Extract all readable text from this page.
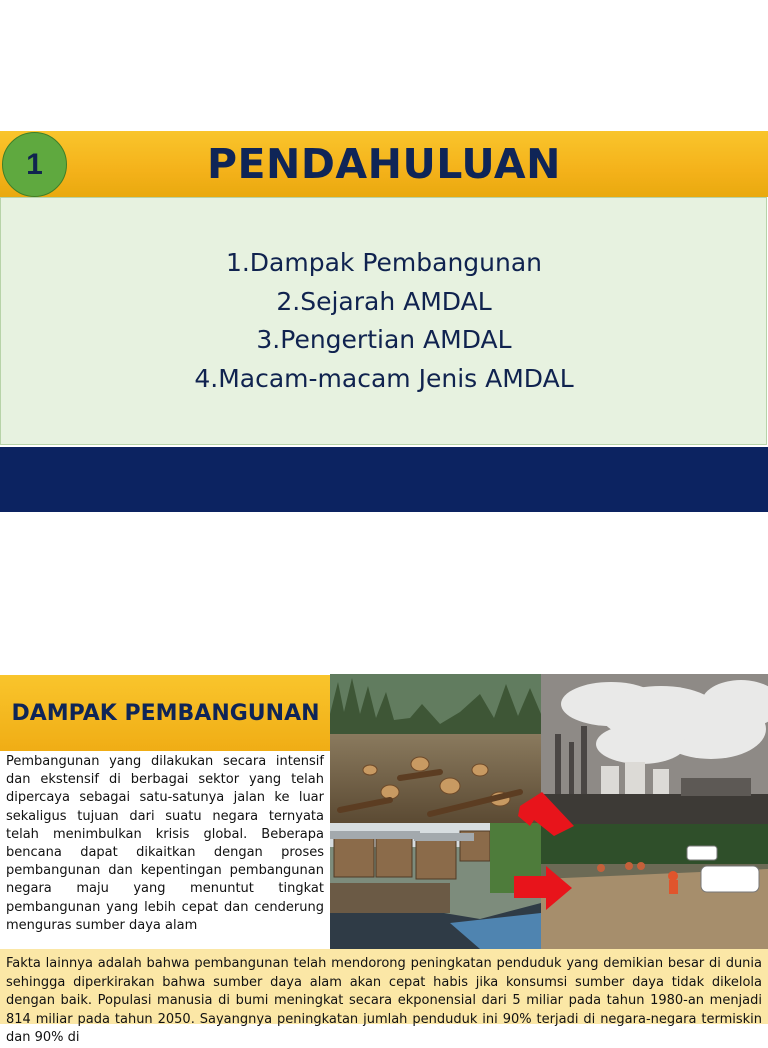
PENDAHULUAN
1
1.Dampak Pembangunan
2.Sejarah AMDAL
3.Pengertian AMDAL
4.Macam-macam Jenis AMDAL
DAMPAK PEMBANGUNAN
Pembangunan yang dilakukan secara intensif dan ekstensif di berbagai sektor yang telah dipercaya sebagai satu-satunya jalan ke luar sekaligus tujuan dari suatu negara ternyata telah menimbulkan krisis global. Beberapa bencana dapat dikaitkan dengan proses pembangunan dan kepentingan pembangunan negara maju yang menuntut tingkat pembangunan yang lebih cepat dan cenderung menguras sumber daya alam
Fakta lainnya adalah bahwa pembangunan telah mendorong peningkatan penduduk yang demikian besar di dunia sehingga diperkirakan bahwa sumber daya alam akan cepat habis jika konsumsi sumber daya tidak dikelola dengan baik. Populasi manusia di bumi meningkat secara ekponensial dari 5 miliar pada tahun 1980-an menjadi 814 miliar pada tahun 2050. Sayangnya peningkatan jumlah penduduk ini 90% terjadi di negara-negara termiskin dan 90% di
